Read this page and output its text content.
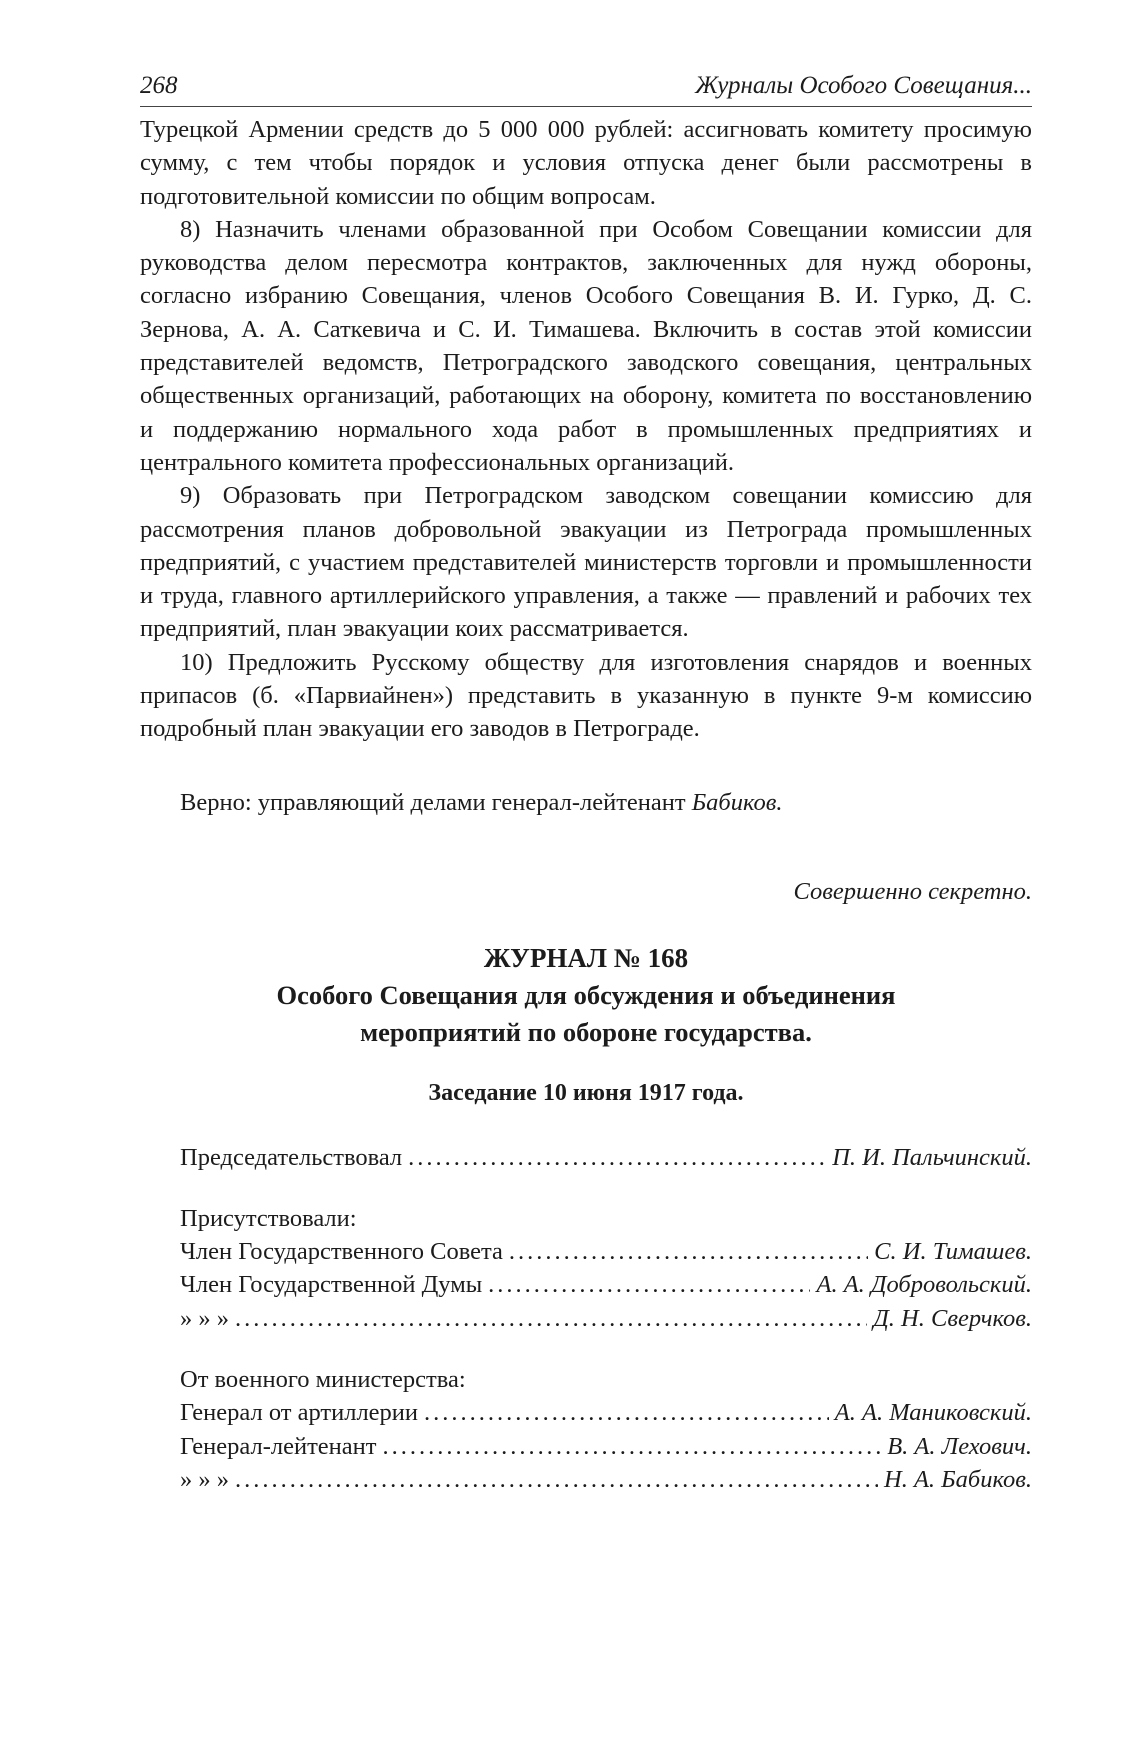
268	Журналы Особого Совещания...

Турецкой Армении средств до 5 000 000 рублей: ассигновать комитету просимую сумму, с тем чтобы порядок и условия отпуска денег были рассмотрены в подготовительной комиссии по общим вопросам.

8) Назначить членами образованной при Особом Совещании комиссии для руководства делом пересмотра контрактов, заключенных для нужд обороны, согласно избранию Совещания, членов Особого Совещания В. И. Гурко, Д. С. Зернова, А. А. Саткевича и С. И. Тимашева. Включить в состав этой комиссии представителей ведомств, Петроградского заводского совещания, центральных общественных организаций, работающих на оборону, комитета по восстановлению и поддержанию нормального хода работ в промышленных предприятиях и центрального комитета профессиональных организаций.

9) Образовать при Петроградском заводском совещании комиссию для рассмотрения планов добровольной эвакуации из Петрограда промышленных предприятий, с участием представителей министерств торговли и промышленности и труда, главного артиллерийского управления, а также — правлений и рабочих тех предприятий, план эвакуации коих рассматривается.

10) Предложить Русскому обществу для изготовления снарядов и военных припасов (б. «Парвиайнен») представить в указанную в пункте 9-м комиссию подробный план эвакуации его заводов в Петрограде.

Верно: управляющий делами генерал-лейтенант Бабиков.

Совершенно секретно.
ЖУРНАЛ № 168
Особого Совещания для обсуждения и объединения
мероприятий по обороне государства.
Заседание 10 июня 1917 года.
Председательствовал .....	П. И. Пальчинский.

Присутствовали:

Член Государственного Совета .....	С. И. Тимашев.
Член Государственной Думы .....	А. А. Добровольский.
» » » .....	Д. Н. Сверчков.

От военного министерства:

Генерал от артиллерии .....	А. А. Маниковский.
Генерал-лейтенант .....	В. А. Лехович.
» » » .....	Н. А. Бабиков.
